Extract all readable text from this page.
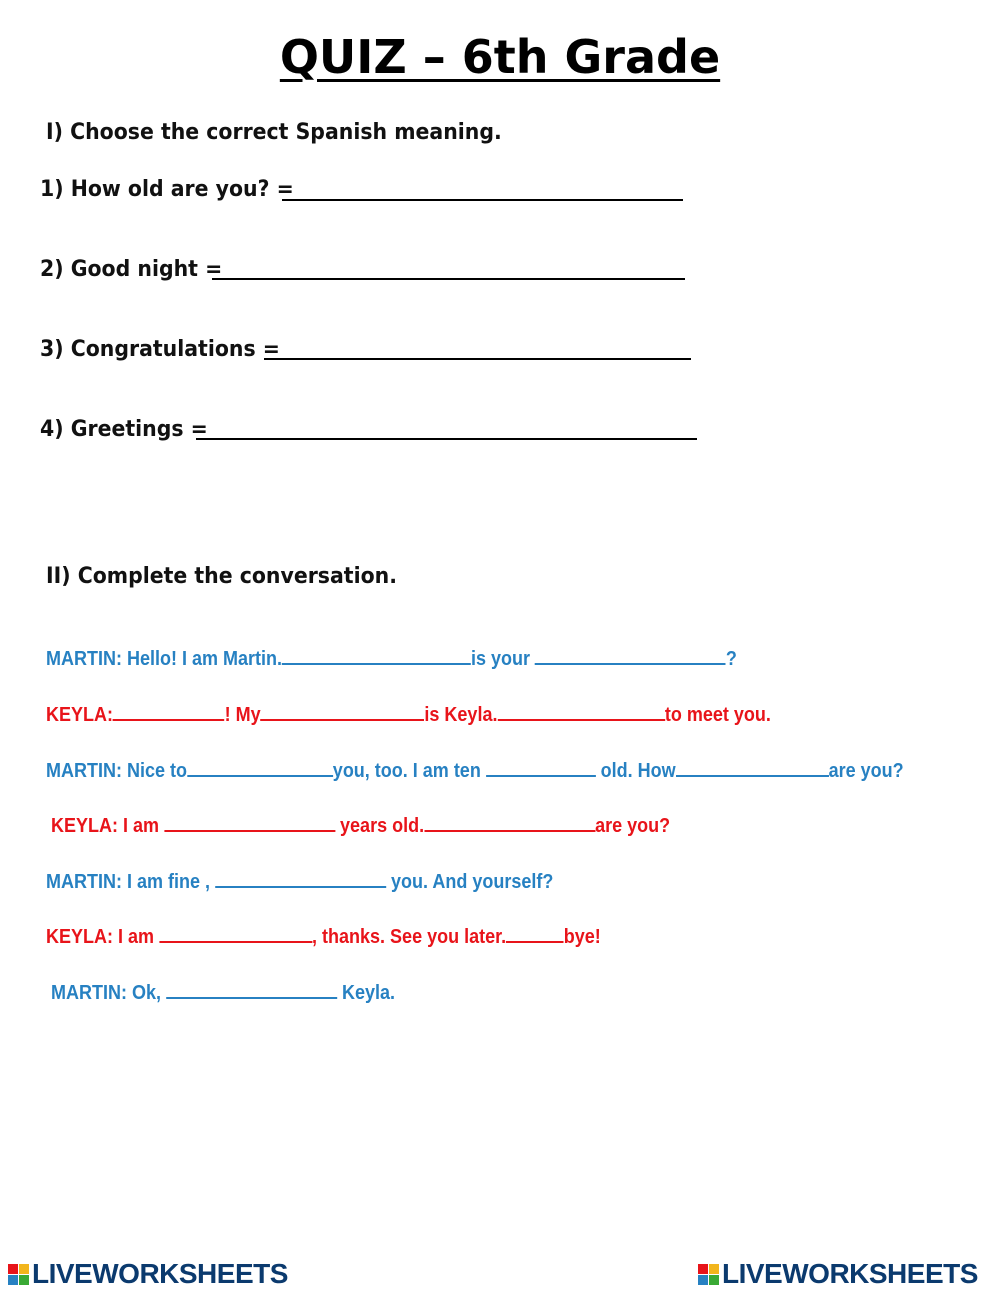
QUIZ – 6th Grade
I) Choose the correct Spanish meaning.
1) How old are you? =
2) Good night =
3) Congratulations =
4) Greetings =
II) Complete the conversation.
MARTIN: Hello! I am Martin.	is your	?
KEYLA:	! My	is Keyla.	to meet you.
MARTIN: Nice to	you, too. I am ten	old. How	are you?
KEYLA: I am	years old.	are you?
MARTIN: I am fine ,	you. And yourself?
KEYLA: I am	, thanks. See you later.	bye!
MARTIN: Ok,	Keyla.
LIVEWORKSHEETS	LIVEWORKSHEETS
